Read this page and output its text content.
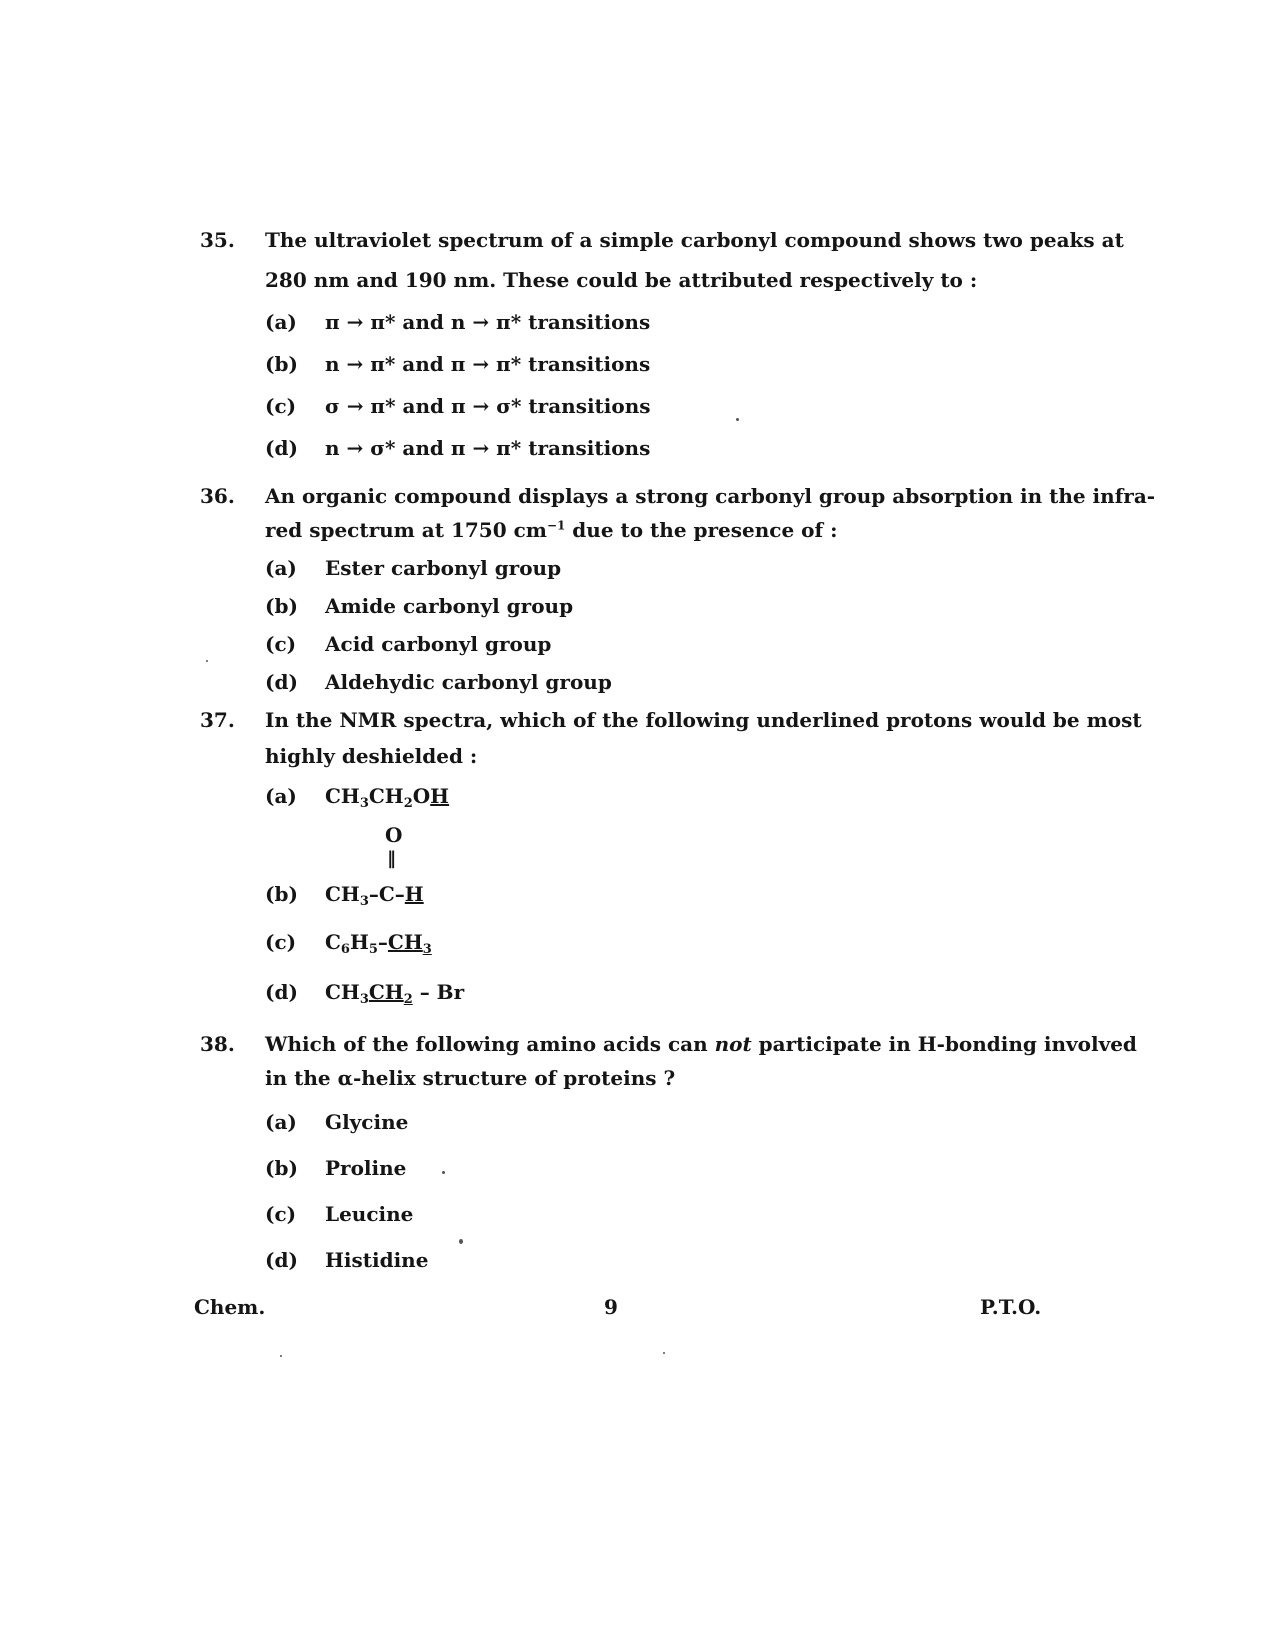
35. The ultraviolet spectrum of a simple carbonyl compound shows two peaks at
280 nm and 190 nm. These could be attributed respectively to :
(a) π → π* and n → π* transitions
(b) n → π* and π → π* transitions
(c) σ → π* and π → σ* transitions
(d) n → σ* and π → π* transitions
36. An organic compound displays a strong carbonyl group absorption in the infra-
red spectrum at 1750 $cm^{-1}$ due to the presence of :
(a) Ester carbonyl group
(b) Amide carbonyl group
(c) Acid carbonyl group
(d) Aldehydic carbonyl group
37. In the NMR spectra, which of the following underlined protons would be most
highly deshielded :
(a) $CH_3CH_2OH$
O
‖
(b) $CH_3-C-H$
(c) $C_6H_5-CH_3$
(d) $CH_3CH_2$ – Br
38. Which of the following amino acids can not participate in H-bonding involved
in the α-helix structure of proteins ?
(a) Glycine
(b) Proline
(c) Leucine
(d) Histidine
Chem.	9	P.T.O.
